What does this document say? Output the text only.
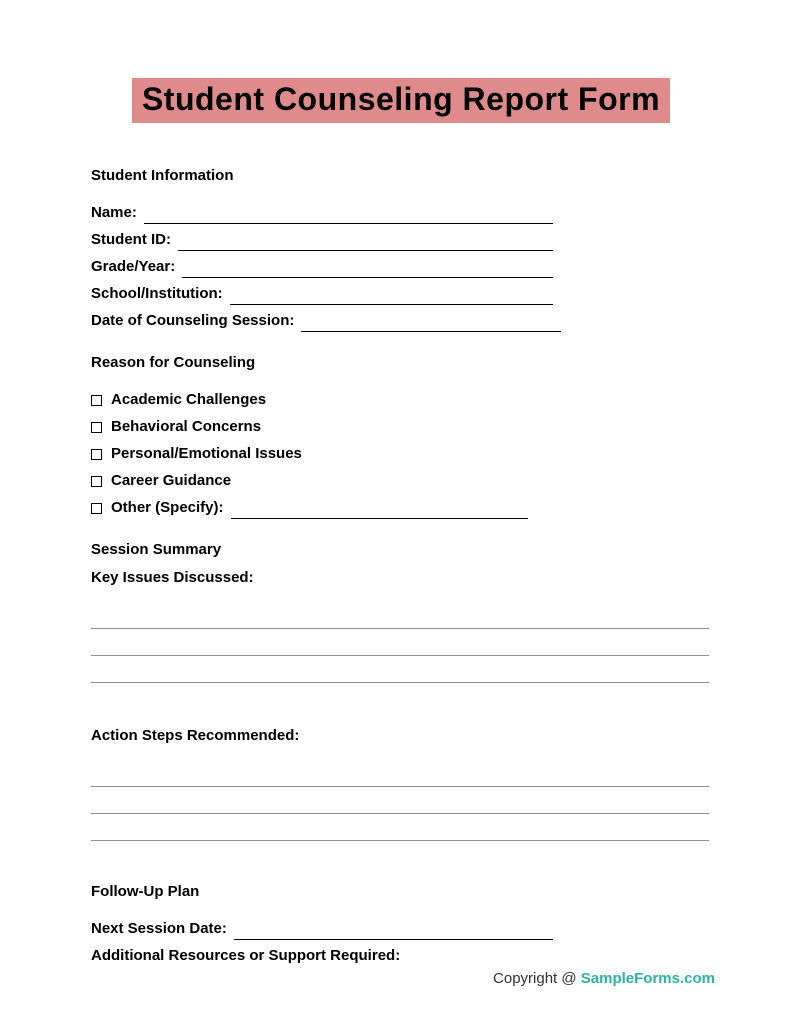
Student Counseling Report Form
Student Information
Name:
Student ID:
Grade/Year:
School/Institution:
Date of Counseling Session:
Reason for Counseling
Academic Challenges
Behavioral Concerns
Personal/Emotional Issues
Career Guidance
Other (Specify):
Session Summary
Key Issues Discussed:
Action Steps Recommended:
Follow-Up Plan
Next Session Date:
Additional Resources or Support Required:
Copyright @ SampleForms.com
